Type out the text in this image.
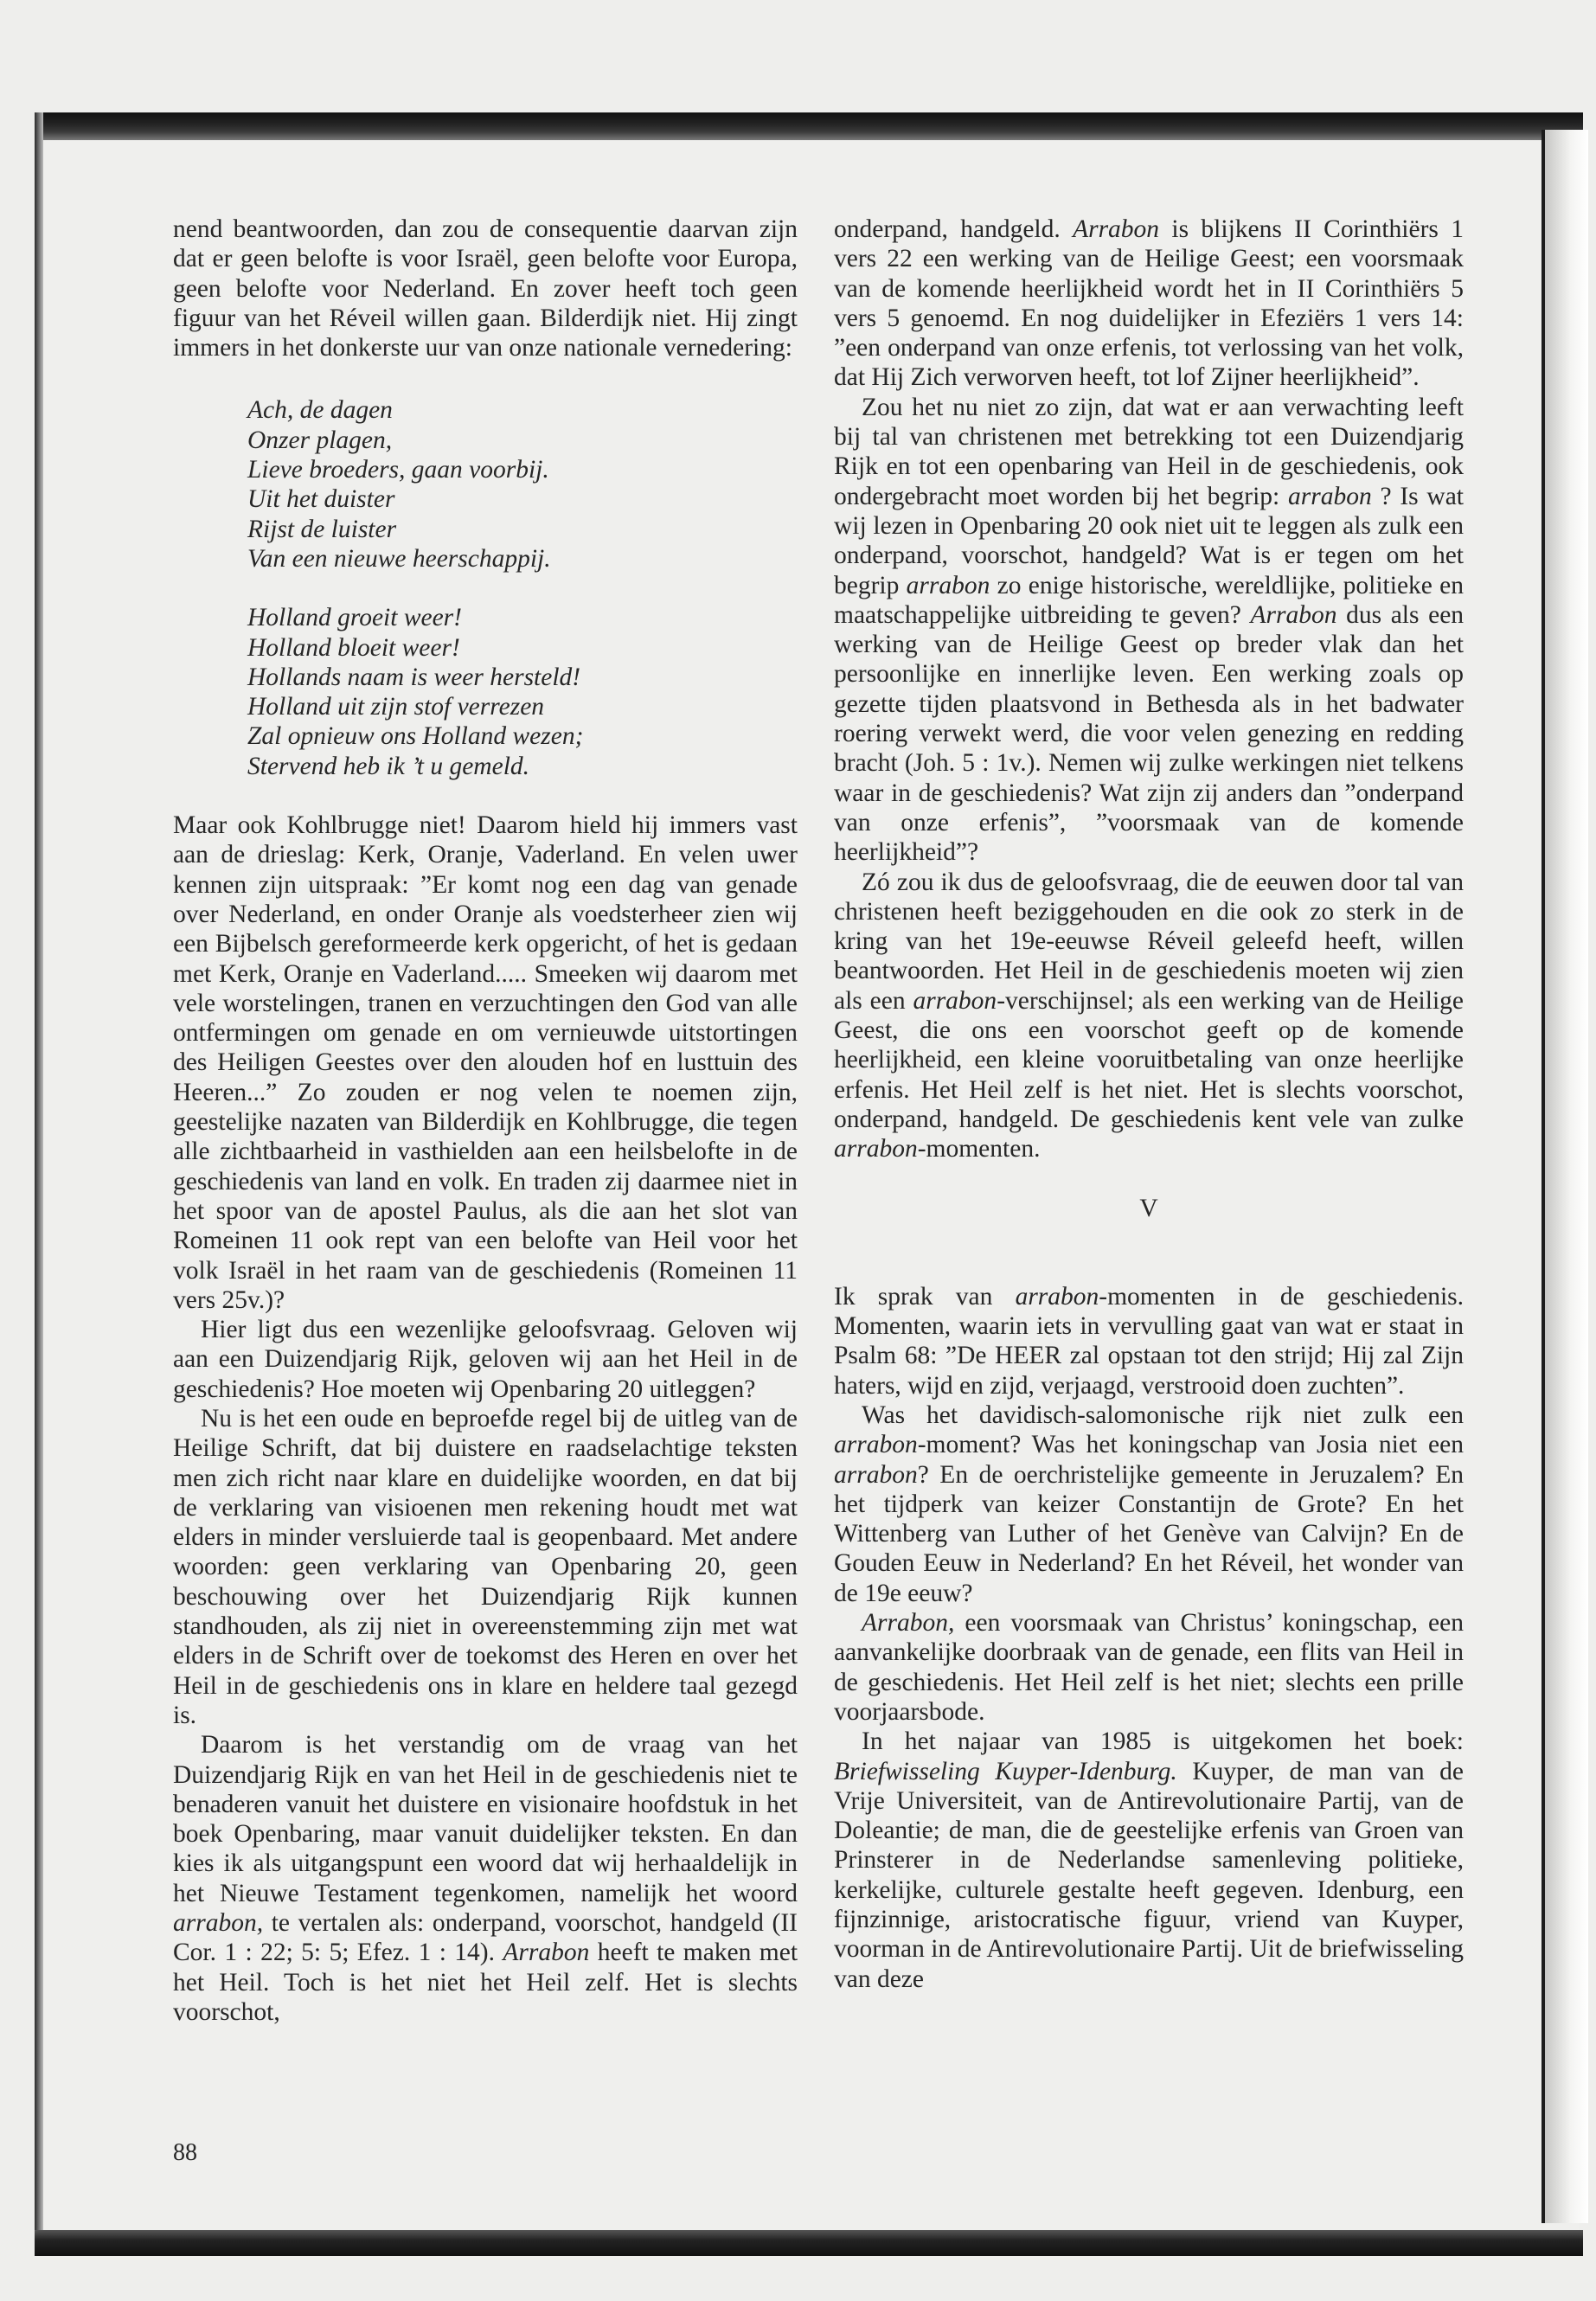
nend beantwoorden, dan zou de consequentie daarvan zijn dat er geen belofte is voor Israël, geen belofte voor Europa, geen belofte voor Nederland. En zover heeft toch geen figuur van het Réveil willen gaan. Bilderdijk niet. Hij zingt immers in het donkerste uur van onze nationale vernedering:

Ach, de dagen
Onzer plagen,
Lieve broeders, gaan voorbij.
Uit het duister
Rijst de luister
Van een nieuwe heerschappij.
Holland groeit weer!
Holland bloeit weer!
Hollands naam is weer hersteld!
Holland uit zijn stof verrezen
Zal opnieuw ons Holland wezen;
Stervend heb ik ’t u gemeld.

Maar ook Kohlbrugge niet! Daarom hield hij immers vast aan de drieslag: Kerk, Oranje, Vaderland. En velen uwer kennen zijn uitspraak: ”Er komt nog een dag van genade over Nederland, en onder Oranje als voedsterheer zien wij een Bijbelsch gereformeerde kerk opgericht, of het is gedaan met Kerk, Oranje en Vaderland..... Smeeken wij daarom met vele worstelingen, tranen en verzuchtingen den God van alle ontfermingen om genade en om vernieuwde uitstortingen des Heiligen Geestes over den alouden hof en lusttuin des Heeren...” Zo zouden er nog velen te noemen zijn, geestelijke nazaten van Bilderdijk en Kohlbrugge, die tegen alle zichtbaarheid in vasthielden aan een heilsbelofte in de geschiedenis van land en volk. En traden zij daarmee niet in het spoor van de apostel Paulus, als die aan het slot van Romeinen 11 ook rept van een belofte van Heil voor het volk Israël in het raam van de geschiedenis (Romeinen 11 vers 25v.)?

Hier ligt dus een wezenlijke geloofsvraag. Geloven wij aan een Duizendjarig Rijk, geloven wij aan het Heil in de geschiedenis? Hoe moeten wij Openbaring 20 uitleggen?

Nu is het een oude en beproefde regel bij de uitleg van de Heilige Schrift, dat bij duistere en raadselachtige teksten men zich richt naar klare en duidelijke woorden, en dat bij de verklaring van visioenen men rekening houdt met wat elders in minder versluierde taal is geopenbaard. Met andere woorden: geen verklaring van Openbaring 20, geen beschouwing over het Duizendjarig Rijk kunnen standhouden, als zij niet in overeenstemming zijn met wat elders in de Schrift over de toekomst des Heren en over het Heil in de geschiedenis ons in klare en heldere taal gezegd is.

Daarom is het verstandig om de vraag van het Duizendjarig Rijk en van het Heil in de geschiedenis niet te benaderen vanuit het duistere en visionaire hoofdstuk in het boek Openbaring, maar vanuit duidelijker teksten. En dan kies ik als uitgangspunt een woord dat wij herhaaldelijk in het Nieuwe Testament tegenkomen, namelijk het woord arrabon, te vertalen als: onderpand, voorschot, handgeld (II Cor. 1 : 22; 5: 5; Efez. 1 : 14). Arrabon heeft te maken met het Heil. Toch is het niet het Heil zelf. Het is slechts voorschot,

onderpand, handgeld. Arrabon is blijkens II Corinthiërs 1 vers 22 een werking van de Heilige Geest; een voorsmaak van de komende heerlijkheid wordt het in II Corinthiërs 5 vers 5 genoemd. En nog duidelijker in Efeziërs 1 vers 14: ”een onderpand van onze erfenis, tot verlossing van het volk, dat Hij Zich verworven heeft, tot lof Zijner heerlijkheid”.

Zou het nu niet zo zijn, dat wat er aan verwachting leeft bij tal van christenen met betrekking tot een Duizendjarig Rijk en tot een openbaring van Heil in de geschiedenis, ook ondergebracht moet worden bij het begrip: arrabon ? Is wat wij lezen in Openbaring 20 ook niet uit te leggen als zulk een onderpand, voorschot, handgeld? Wat is er tegen om het begrip arrabon zo enige historische, wereldlijke, politieke en maatschappelijke uitbreiding te geven? Arrabon dus als een werking van de Heilige Geest op breder vlak dan het persoonlijke en innerlijke leven. Een werking zoals op gezette tijden plaatsvond in Bethesda als in het badwater roering verwekt werd, die voor velen genezing en redding bracht (Joh. 5 : 1v.). Nemen wij zulke werkingen niet telkens waar in de geschiedenis? Wat zijn zij anders dan ”onderpand van onze erfenis”, ”voorsmaak van de komende heerlijkheid”?

Zó zou ik dus de geloofsvraag, die de eeuwen door tal van christenen heeft beziggehouden en die ook zo sterk in de kring van het 19e-eeuwse Réveil geleefd heeft, willen beantwoorden. Het Heil in de geschiedenis moeten wij zien als een arrabon-verschijnsel; als een werking van de Heilige Geest, die ons een voorschot geeft op de komende heerlijkheid, een kleine vooruitbetaling van onze heerlijke erfenis. Het Heil zelf is het niet. Het is slechts voorschot, onderpand, handgeld. De geschiedenis kent vele van zulke arrabon-momenten.

V

Ik sprak van arrabon-momenten in de geschiedenis. Momenten, waarin iets in vervulling gaat van wat er staat in Psalm 68: ”De HEER zal opstaan tot den strijd; Hij zal Zijn haters, wijd en zijd, verjaagd, verstrooid doen zuchten”.

Was het davidisch-salomonische rijk niet zulk een arrabon-moment? Was het koningschap van Josia niet een arrabon? En de oerchristelijke gemeente in Jeruzalem? En het tijdperk van keizer Constantijn de Grote? En het Wittenberg van Luther of het Genève van Calvijn? En de Gouden Eeuw in Nederland? En het Réveil, het wonder van de 19e eeuw?

Arrabon, een voorsmaak van Christus’ koningschap, een aanvankelijke doorbraak van de genade, een flits van Heil in de geschiedenis. Het Heil zelf is het niet; slechts een prille voorjaarsbode.

In het najaar van 1985 is uitgekomen het boek: Briefwisseling Kuyper-Idenburg. Kuyper, de man van de Vrije Universiteit, van de Antirevolutionaire Partij, van de Doleantie; de man, die de geestelijke erfenis van Groen van Prinsterer in de Nederlandse samenleving politieke, kerkelijke, culturele gestalte heeft gegeven. Idenburg, een fijnzinnige, aristocratische figuur, vriend van Kuyper, voorman in de Antirevolutionaire Partij. Uit de briefwisseling van deze

88
